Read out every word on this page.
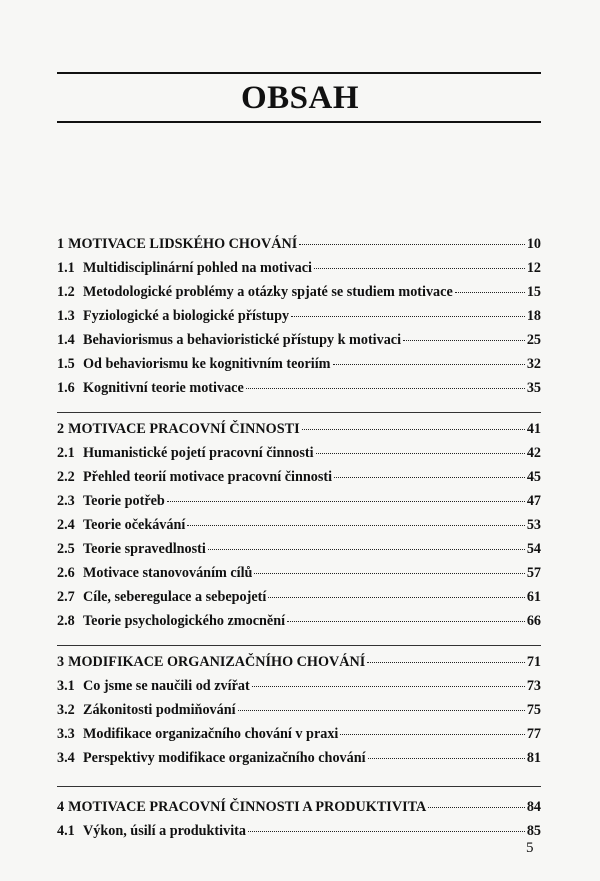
OBSAH
1 MOTIVACE LIDSKÉHO CHOVÁNÍ	10
1.1 Multidisciplinární pohled na motivaci	12
1.2 Metodologické problémy a otázky spjaté se studiem motivace	15
1.3 Fyziologické a biologické přístupy	18
1.4 Behaviorismus a behavioristické přístupy k motivaci	25
1.5 Od behaviorismu ke kognitivním teoriím	32
1.6 Kognitivní teorie motivace	35
2 MOTIVACE PRACOVNÍ ČINNOSTI	41
2.1 Humanistické pojetí pracovní činnosti	42
2.2 Přehled teorií motivace pracovní činnosti	45
2.3 Teorie potřeb	47
2.4 Teorie očekávání	53
2.5 Teorie spravedlnosti	54
2.6 Motivace stanovováním cílů	57
2.7 Cíle, seberegulace a sebepojetí	61
2.8 Teorie psychologického zmocnění	66
3 MODIFIKACE ORGANIZAČNÍHO CHOVÁNÍ	71
3.1 Co jsme se naučili od zvířat	73
3.2 Zákonitosti podmiňování	75
3.3 Modifikace organizačního chování v praxi	77
3.4 Perspektivy modifikace organizačního chování	81
4 MOTIVACE PRACOVNÍ ČINNOSTI A PRODUKTIVITA	84
4.1 Výkon, úsilí a produktivita	85
5
